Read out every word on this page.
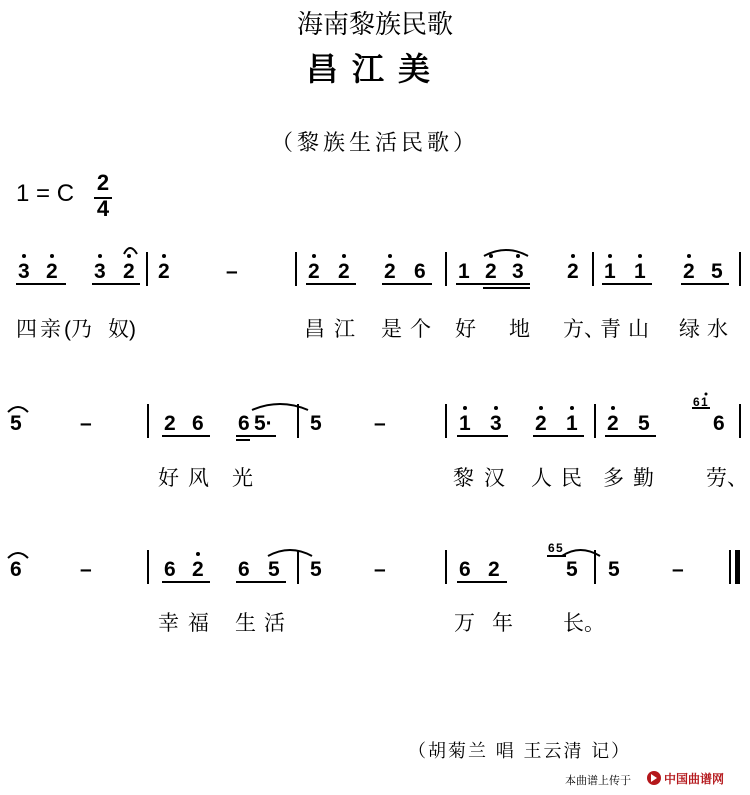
海南黎族民歌
昌江美
（黎族生活民歌）
1 = C 2
4
3 2 3 2 2	–	2 2 2 6 1 2 3 2 1 1 2 5
四 亲 (乃 奴)	昌 江 是 个 好 地 方、
青 山 绿 水
5	–	2 6 6 5· 5 –	1 3 2 1 2 5	6
6 1
好 风 光	黎 汉 人 民 多 勤 劳、
6	–	6 2 6 5 5 –	6 2	5
6 5
5 –
幸 福 生 活	万 年 长。
（胡菊兰 唱 王云清 记）
本曲谱上传于	中国曲谱网
